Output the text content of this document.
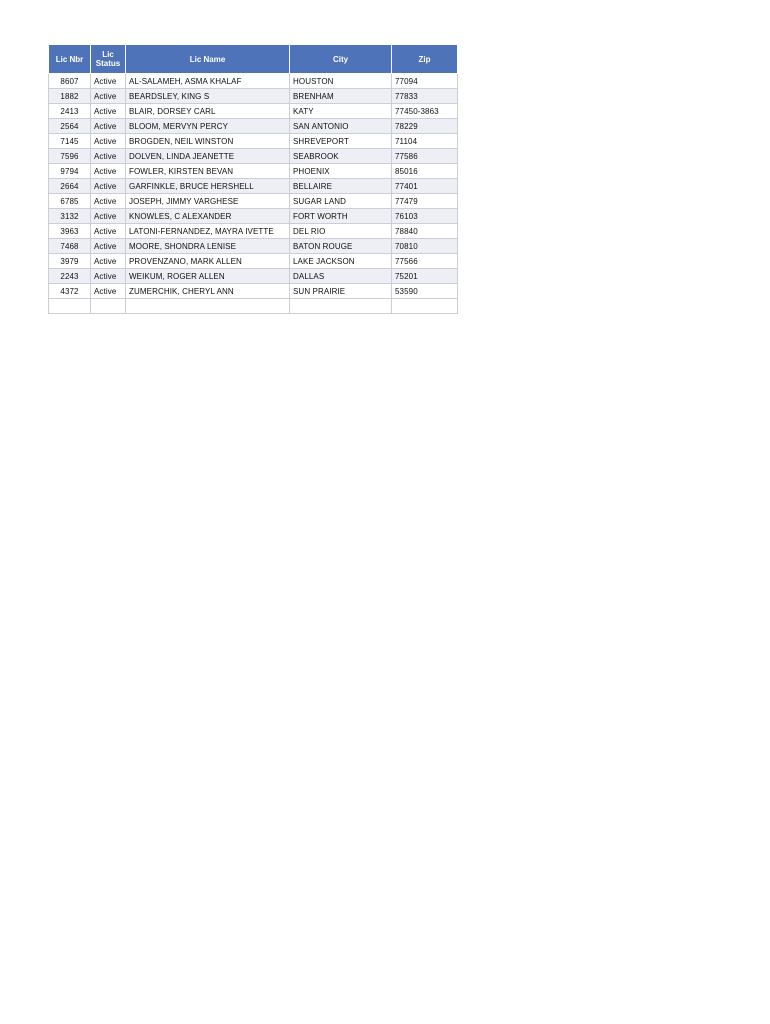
Lic Nbr	Lic Status	Lic Name	City	Zip
8607	Active	AL-SALAMEH, ASMA KHALAF	HOUSTON	77094
1882	Active	BEARDSLEY, KING S	BRENHAM	77833
2413	Active	BLAIR, DORSEY CARL	KATY	77450-3863
2564	Active	BLOOM, MERVYN PERCY	SAN ANTONIO	78229
7145	Active	BROGDEN, NEIL WINSTON	SHREVEPORT	71104
7596	Active	DOLVEN, LINDA JEANETTE	SEABROOK	77586
9794	Active	FOWLER, KIRSTEN BEVAN	PHOENIX	85016
2664	Active	GARFINKLE, BRUCE HERSHELL	BELLAIRE	77401
6785	Active	JOSEPH, JIMMY VARGHESE	SUGAR LAND	77479
3132	Active	KNOWLES, C ALEXANDER	FORT WORTH	76103
3963	Active	LATONI-FERNANDEZ, MAYRA IVETTE	DEL RIO	78840
7468	Active	MOORE, SHONDRA LENISE	BATON ROUGE	70810
3979	Active	PROVENZANO, MARK ALLEN	LAKE JACKSON	77566
2243	Active	WEIKUM, ROGER ALLEN	DALLAS	75201
4372	Active	ZUMERCHIK, CHERYL ANN	SUN PRAIRIE	53590
